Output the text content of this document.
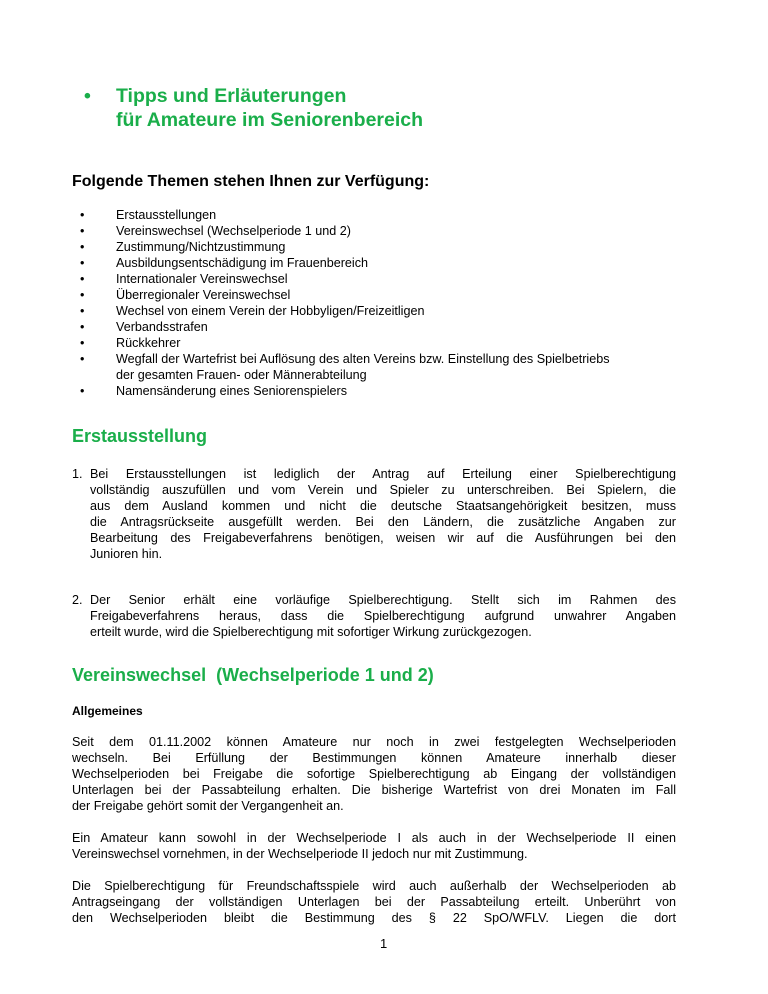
• Tipps und Erläuterungen
für Amateure im Seniorenbereich
Folgende Themen stehen Ihnen zur Verfügung:
•	Erstausstellungen
•	Vereinswechsel (Wechselperiode 1 und 2)
•	Zustimmung/Nichtzustimmung
•	Ausbildungsentschädigung im Frauenbereich
•	Internationaler Vereinswechsel
•	Überregionaler Vereinswechsel
•	Wechsel von einem Verein der Hobbyligen/Freizeitligen
•	Verbandsstrafen
•	Rückkehrer
•	Wegfall der Wartefrist bei Auflösung des alten Vereins bzw. Einstellung des Spielbetriebs
der gesamten Frauen- oder Männerabteilung
•	Namensänderung eines Seniorenspielers
Erstausstellung
1. Bei Erstausstellungen ist lediglich der Antrag auf Erteilung einer Spielberechtigung
vollständig auszufüllen und vom Verein und Spieler zu unterschreiben. Bei Spielern, die
aus dem Ausland kommen und nicht die deutsche Staatsangehörigkeit besitzen, muss
die Antragsrückseite ausgefüllt werden. Bei den Ländern, die zusätzliche Angaben zur
Bearbeitung des Freigabeverfahrens benötigen, weisen wir auf die Ausführungen bei den
Junioren hin.
2. Der Senior erhält eine vorläufige Spielberechtigung. Stellt sich im Rahmen des
Freigabeverfahrens heraus, dass die Spielberechtigung aufgrund unwahrer Angaben
erteilt wurde, wird die Spielberechtigung mit sofortiger Wirkung zurückgezogen.
Vereinswechsel  (Wechselperiode 1 und 2)
Allgemeines
Seit dem 01.11.2002 können Amateure nur noch in zwei festgelegten Wechselperioden
wechseln. Bei Erfüllung der Bestimmungen können Amateure innerhalb dieser
Wechselperioden bei Freigabe die sofortige Spielberechtigung ab Eingang der vollständigen
Unterlagen bei der Passabteilung erhalten. Die bisherige Wartefrist von drei Monaten im Fall
der Freigabe gehört somit der Vergangenheit an.
Ein Amateur kann sowohl in der Wechselperiode I als auch in der Wechselperiode II einen
Vereinswechsel vornehmen, in der Wechselperiode II jedoch nur mit Zustimmung.
Die Spielberechtigung für Freundschaftsspiele wird auch außerhalb der Wechselperioden ab
Antragseingang der vollständigen Unterlagen bei der Passabteilung erteilt. Unberührt von
den Wechselperioden bleibt die Bestimmung des § 22 SpO/WFLV. Liegen die dort
1
